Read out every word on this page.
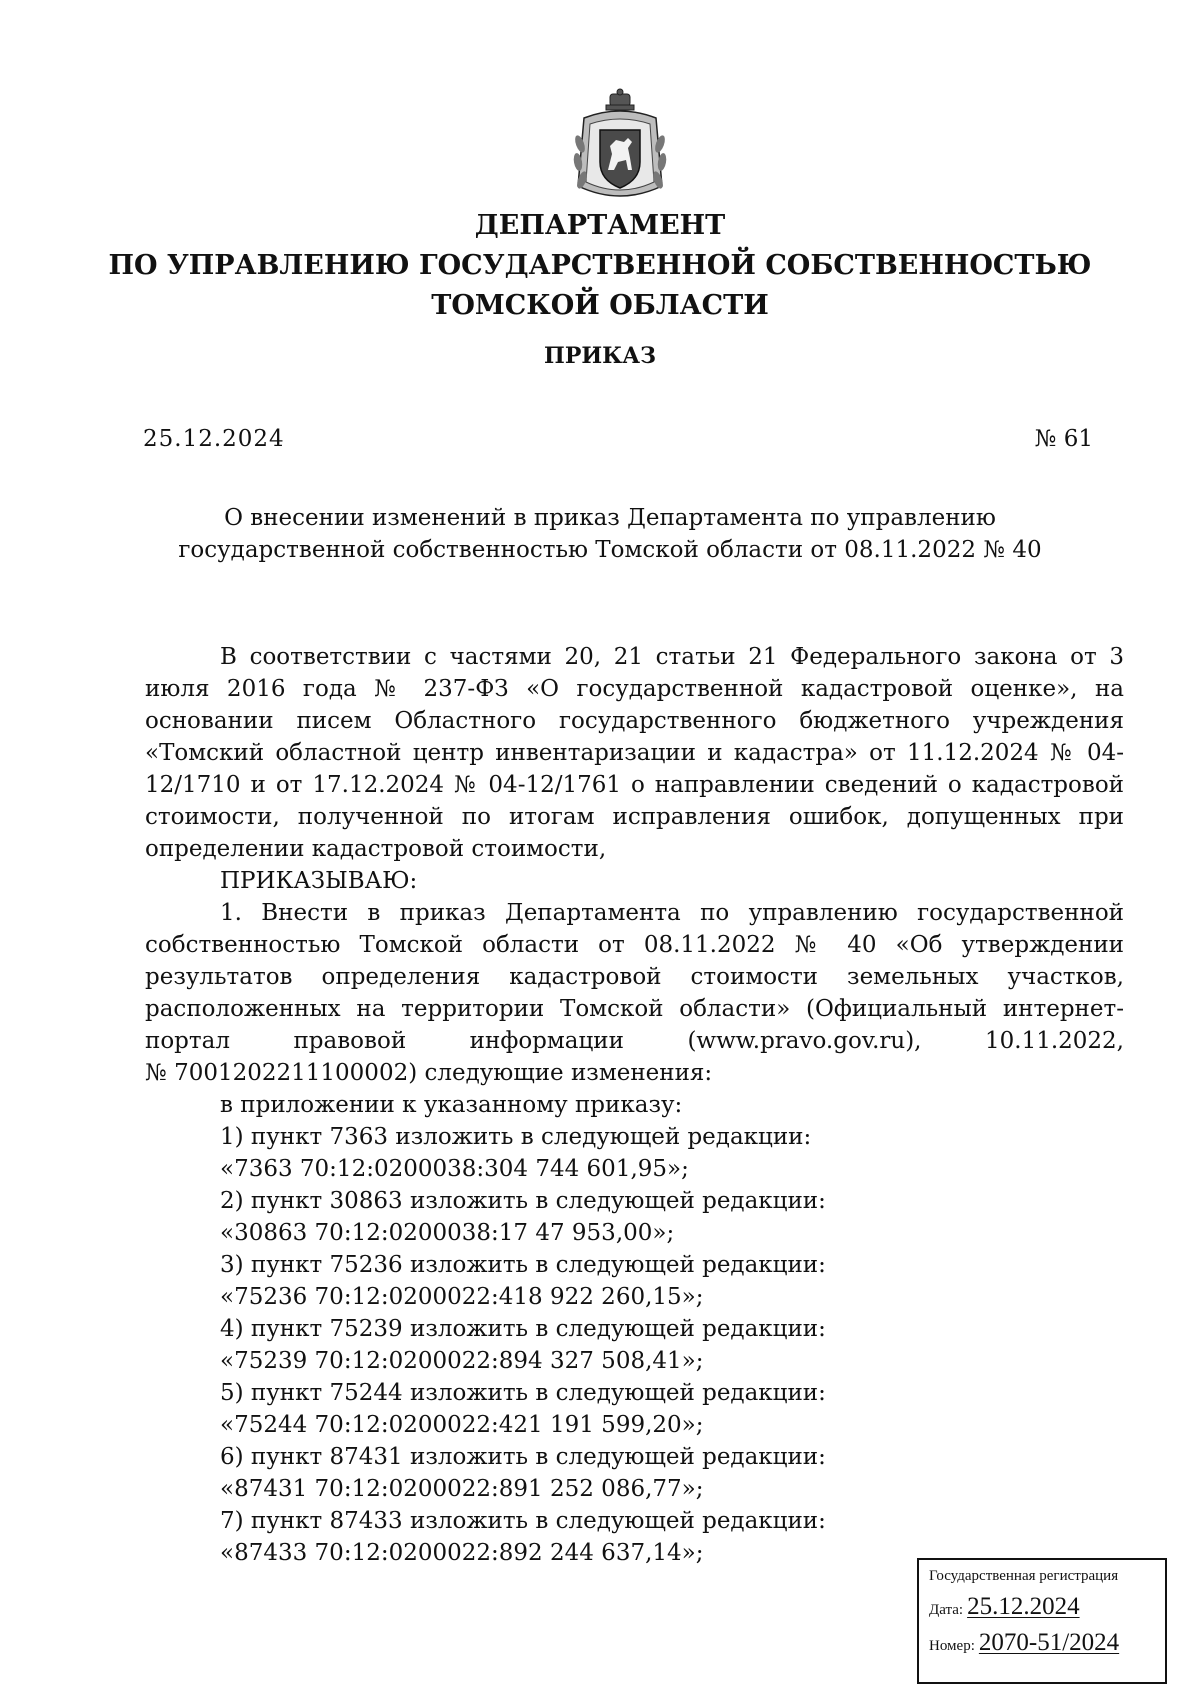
ДЕПАРТАМЕНТ
ПО УПРАВЛЕНИЮ ГОСУДАРСТВЕННОЙ СОБСТВЕННОСТЬЮ
ТОМСКОЙ ОБЛАСТИ
ПРИКАЗ
25.12.2024	№ 61
О внесении изменений в приказ Департамента по управлению государственной собственностью Томской области от 08.11.2022 № 40

В соответствии с частями 20, 21 статьи 21 Федерального закона от 3 июля 2016 года № 237-ФЗ «О государственной кадастровой оценке», на основании писем Областного государственного бюджетного учреждения «Томский областной центр инвентаризации и кадастра» от 11.12.2024 № 04-12/1710 и от 17.12.2024 № 04-12/1761 о направлении сведений о кадастровой стоимости, полученной по итогам исправления ошибок, допущенных при определении кадастровой стоимости,

ПРИКАЗЫВАЮ:

1. Внести в приказ Департамента по управлению государственной собственностью Томской области от 08.11.2022 № 40 «Об утверждении результатов определения кадастровой стоимости земельных участков, расположенных на территории Томской области» (Официальный интернет-портал правовой информации (www.pravo.gov.ru), 10.11.2022,

№ 7001202211100002) следующие изменения:
в приложении к указанному приказу:
1) пункт 7363 изложить в следующей редакции:
«7363 70:12:0200038:304 744 601,95»;
2) пункт 30863 изложить в следующей редакции:
«30863 70:12:0200038:17 47 953,00»;
3) пункт 75236 изложить в следующей редакции:
«75236 70:12:0200022:418 922 260,15»;
4) пункт 75239 изложить в следующей редакции:
«75239 70:12:0200022:894 327 508,41»;
5) пункт 75244 изложить в следующей редакции:
«75244 70:12:0200022:421 191 599,20»;
6) пункт 87431 изложить в следующей редакции:
«87431 70:12:0200022:891 252 086,77»;
7) пункт 87433 изложить в следующей редакции:
«87433 70:12:0200022:892 244 637,14»;
Государственная регистрация
Дата: 25.12.2024
Номер: 2070-51/2024
